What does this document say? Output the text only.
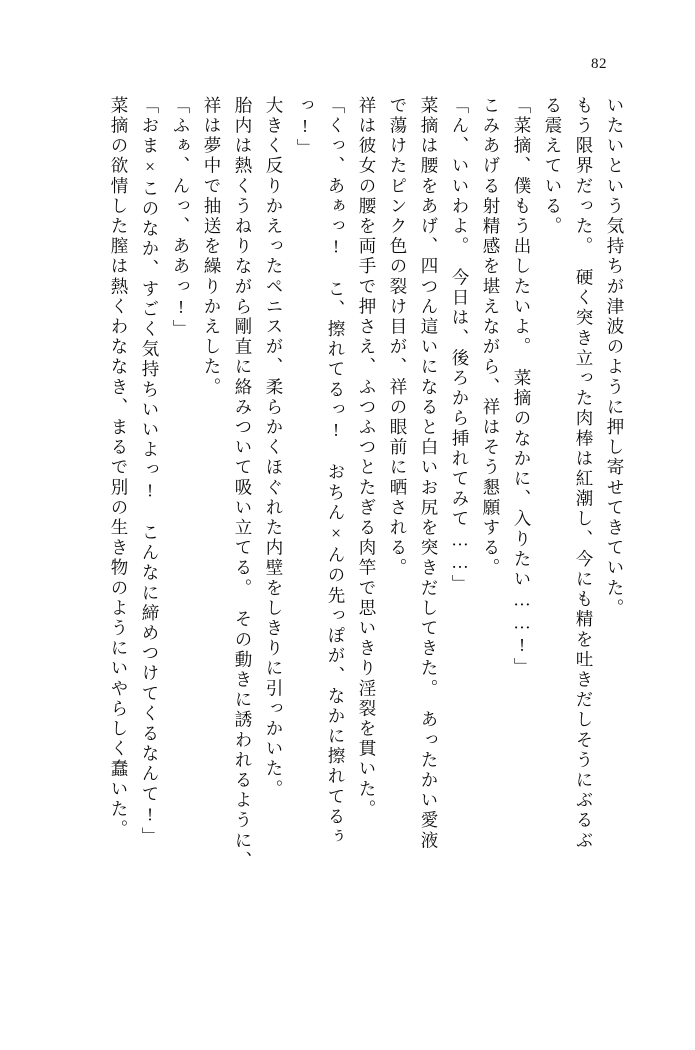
82
いたいという気持ちが津波のように押し寄せてきていた。
もう限界だった。　硬く突き立った肉棒は紅潮し、今にも精を吐きだしそうにぶるぶ
る震えている。
「菜摘、僕もう出したいよ。　菜摘のなかに、入りたい……!」
こみあげる射精感を堪えながら、祥はそう懇願する。
「ん、いいわよ。　今日は、後ろから挿れてみて……」
菜摘は腰をあげ、四つん這いになると白いお尻を突きだしてきた。　あったかい愛液
で蕩けたピンク色の裂け目が、祥の眼前に晒される。
祥は彼女の腰を両手で押さえ、ふつふつとたぎる肉竿で思いきり淫裂を貫いた。
「くっ、あぁっ!　こ、擦れてるっ!　おちん×んの先っぽが、なかに擦れてるぅ
っ!」
大きく反りかえったペニスが、柔らかくほぐれた内壁をしきりに引っかいた。
胎内は熱くうねりながら剛直に絡みついて吸い立てる。　その動きに誘われるように、
祥は夢中で抽送を繰りかえした。
「ふぁ、んっ、ああっ!」
「おま×このなか、すごく気持ちいいよっ!　こんなに締めつけてくるなんて!」
菜摘の欲情した膣は熱くわななき、まるで別の生き物のようにいやらしく蠢いた。
